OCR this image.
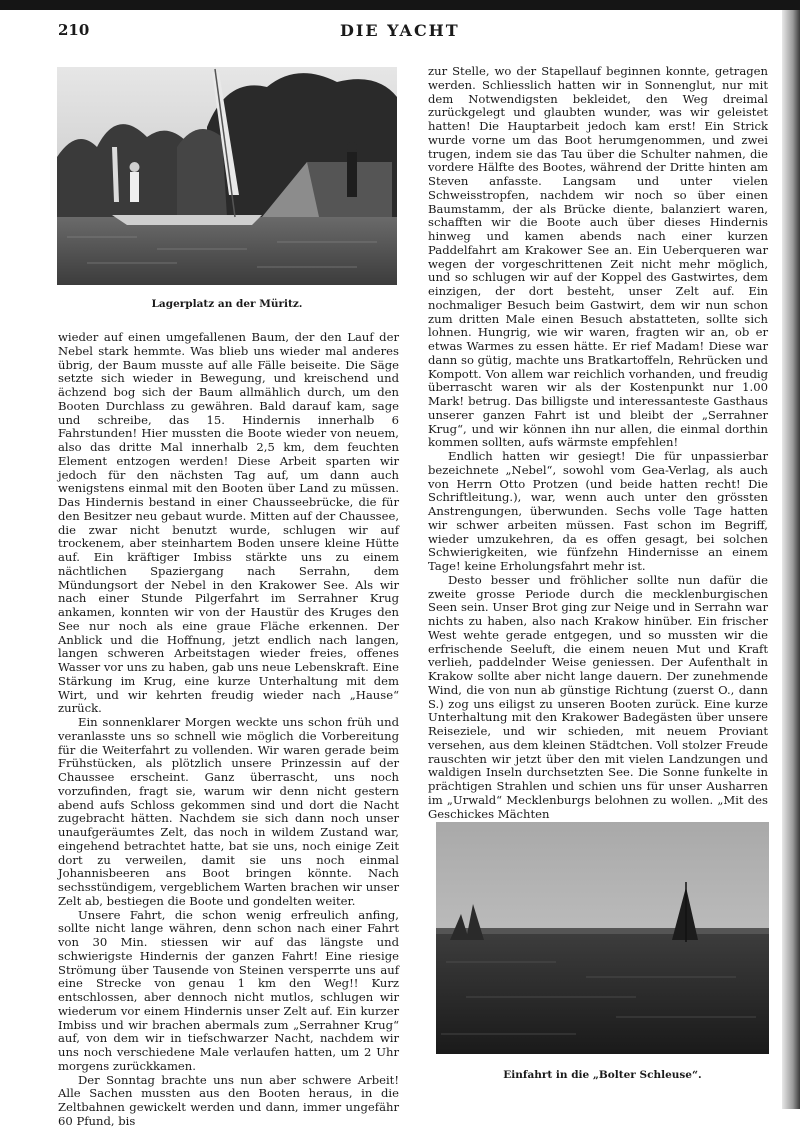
210	DIE YACHT
Lagerplatz an der Müritz.

wieder auf einen umgefallenen Baum, der den Lauf der Nebel stark hemmte. Was blieb uns wieder mal anderes übrig, der Baum musste auf alle Fälle beiseite. Die Säge setzte sich wieder in Bewegung, und kreischend und ächzend bog sich der Baum allmählich durch, um den Booten Durchlass zu gewähren. Bald darauf kam, sage und schreibe, das 15. Hindernis innerhalb 6 Fahrstunden! Hier mussten die Boote wieder von neuem, also das dritte Mal innerhalb 2,5 km, dem feuchten Element entzogen werden! Diese Arbeit sparten wir jedoch für den nächsten Tag auf, um dann auch wenigstens einmal mit den Booten über Land zu müssen. Das Hindernis bestand in einer Chausseebrücke, die für den Besitzer neu gebaut wurde. Mitten auf der Chaussee, die zwar nicht benutzt wurde, schlugen wir auf trockenem, aber steinhartem Boden unsere kleine Hütte auf. Ein kräftiger Imbiss stärkte uns zu einem nächtlichen Spaziergang nach Serrahn, dem Mündungsort der Nebel in den Krakower See. Als wir nach einer Stunde Pilgerfahrt im Serrahner Krug ankamen, konnten wir von der Haustür des Kruges den See nur noch als eine graue Fläche erkennen. Der Anblick und die Hoffnung, jetzt endlich nach langen, langen schweren Arbeitstagen wieder freies, offenes Wasser vor uns zu haben, gab uns neue Lebenskraft. Eine Stärkung im Krug, eine kurze Unterhaltung mit dem Wirt, und wir kehrten freudig wieder nach „Hause“ zurück.

Ein sonnenklarer Morgen weckte uns schon früh und veranlasste uns so schnell wie möglich die Vorbereitung für die Weiterfahrt zu vollenden. Wir waren gerade beim Frühstücken, als plötzlich unsere Prinzessin auf der Chaussee erscheint. Ganz überrascht, uns noch vorzufinden, fragt sie, warum wir denn nicht gestern abend aufs Schloss gekommen sind und dort die Nacht zugebracht hätten. Nachdem sie sich dann noch unser unaufgeräumtes Zelt, das noch in wildem Zustand war, eingehend betrachtet hatte, bat sie uns, noch einige Zeit dort zu verweilen, damit sie uns noch einmal Johannisbeeren ans Boot bringen könnte. Nach sechsstündigem, vergeblichem Warten brachen wir unser Zelt ab, bestiegen die Boote und gondelten weiter.

Unsere Fahrt, die schon wenig erfreulich anfing, sollte nicht lange währen, denn schon nach einer Fahrt von 30 Min. stiessen wir auf das längste und schwierigste Hindernis der ganzen Fahrt! Eine riesige Strömung über Tausende von Steinen versperrte uns auf eine Strecke von genau 1 km den Weg!! Kurz entschlossen, aber dennoch nicht mutlos, schlugen wir wiederum vor einem Hindernis unser Zelt auf. Ein kurzer Imbiss und wir brachen abermals zum „Serrahner Krug“ auf, von dem wir in tiefschwarzer Nacht, nachdem wir uns noch verschiedene Male verlaufen hatten, um 2 Uhr morgens zurückkamen.

Der Sonntag brachte uns nun aber schwere Arbeit! Alle Sachen mussten aus den Booten heraus, in die Zeltbahnen gewickelt werden und dann, immer ungefähr 60 Pfund, bis

zur Stelle, wo der Stapellauf beginnen konnte, getragen werden. Schliesslich hatten wir in Sonnenglut, nur mit dem Notwendigsten bekleidet, den Weg dreimal zurückgelegt und glaubten wunder, was wir geleistet hatten! Die Hauptarbeit jedoch kam erst! Ein Strick wurde vorne um das Boot herumgenommen, und zwei trugen, indem sie das Tau über die Schulter nahmen, die vordere Hälfte des Bootes, während der Dritte hinten am Steven anfasste. Langsam und unter vielen Schweisstropfen, nachdem wir noch so über einen Baumstamm, der als Brücke diente, balanziert waren, schafften wir die Boote auch über dieses Hindernis hinweg und kamen abends nach einer kurzen Paddelfahrt am Krakower See an. Ein Ueberqueren war wegen der vorgeschrittenen Zeit nicht mehr möglich, und so schlugen wir auf der Koppel des Gastwirtes, dem einzigen, der dort besteht, unser Zelt auf. Ein nochmaliger Besuch beim Gastwirt, dem wir nun schon zum dritten Male einen Besuch abstatteten, sollte sich lohnen. Hungrig, wie wir waren, fragten wir an, ob er etwas Warmes zu essen hätte. Er rief Madam! Diese war dann so gütig, machte uns Bratkartoffeln, Rehrücken und Kompott. Von allem war reichlich vorhanden, und freudig überrascht waren wir als der Kostenpunkt nur 1.00 Mark! betrug. Das billigste und interessanteste Gasthaus unserer ganzen Fahrt ist und bleibt der „Serrahner Krug“, und wir können ihn nur allen, die einmal dorthin kommen sollten, aufs wärmste empfehlen!

Endlich hatten wir gesiegt! Die für unpassierbar bezeichnete „Nebel“, sowohl vom Gea-Verlag, als auch von Herrn Otto Protzen (und beide hatten recht! Die Schriftleitung.), war, wenn auch unter den grössten Anstrengungen, überwunden. Sechs volle Tage hatten wir schwer arbeiten müssen. Fast schon im Begriff, wieder umzukehren, da es offen gesagt, bei solchen Schwierigkeiten, wie fünfzehn Hindernisse an einem Tage! keine Erholungsfahrt mehr ist.

Desto besser und fröhlicher sollte nun dafür die zweite grosse Periode durch die mecklenburgischen Seen sein. Unser Brot ging zur Neige und in Serrahn war nichts zu haben, also nach Krakow hinüber. Ein frischer West wehte gerade entgegen, und so mussten wir die erfrischende Seeluft, die einem neuen Mut und Kraft verlieh, paddelnder Weise geniessen. Der Aufenthalt in Krakow sollte aber nicht lange dauern. Der zunehmende Wind, die von nun ab günstige Richtung (zuerst O., dann S.) zog uns eiligst zu unseren Booten zurück. Eine kurze Unterhaltung mit den Krakower Badegästen über unsere Reiseziele, und wir schieden, mit neuem Proviant versehen, aus dem kleinen Städtchen. Voll stolzer Freude rauschten wir jetzt über den mit vielen Landzungen und waldigen Inseln durchsetzten See. Die Sonne funkelte in prächtigen Strahlen und schien uns für unser Ausharren im „Urwald“ Mecklenburgs belohnen zu wollen. „Mit des Geschickes Mächten

Einfahrt in die „Bolter Schleuse“.
